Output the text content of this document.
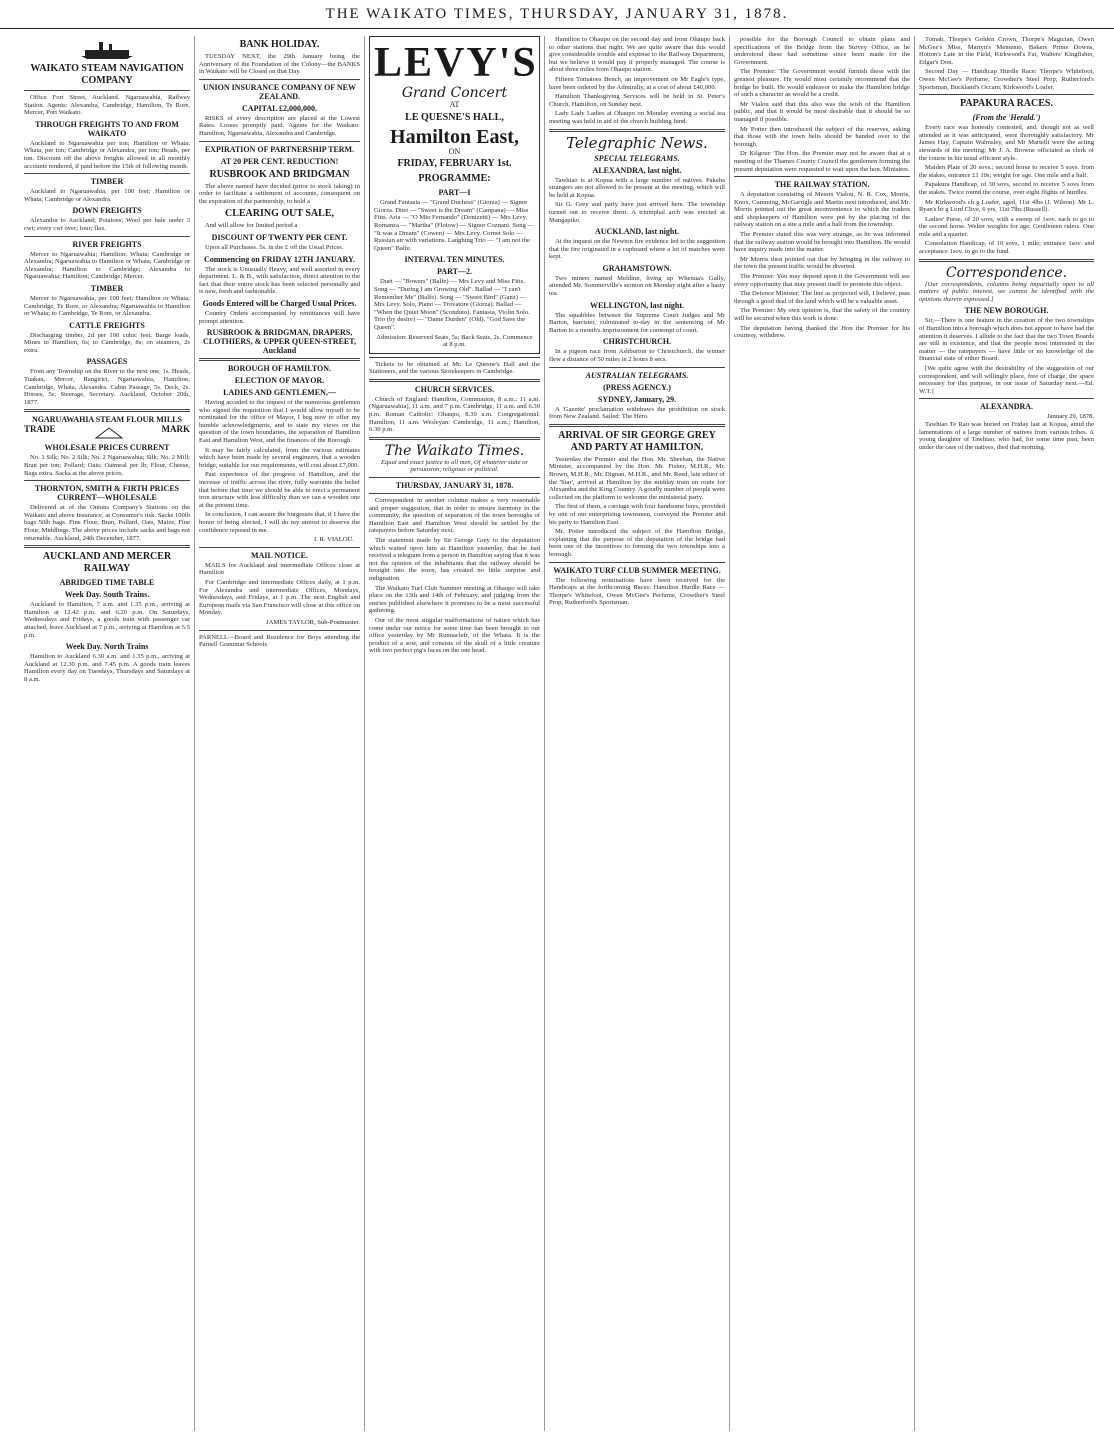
THE WAIKATO TIMES, THURSDAY, JANUARY 31, 1878.
WAIKATO STEAM NAVIGATION COMPANY

Office Fort Street, Auckland. Ngaruawahia, Railway Station. Agents: Alexandra, Cambridge, Hamilton, Te Rore, Mercer, Port Waikato.

THROUGH FREIGHTS TO AND FROM WAIKATO

Auckland to Ngaruawahia per ton; Hamilton or Whata; Whata, per ton; Cambridge or Alexandra, per ton; Heads, per ton. Discount off the above freights allowed in all monthly accounts rendered, if paid before the 15th of following month.

TIMBER

Auckland to Ngaruawahia, per 100 feet; Hamilton or Whata; Cambridge or Alexandra.

DOWN FREIGHTS

Alexandra to Auckland; Potatoes; Wool per bale under 3 cwt; every cwt over; four; flax.

RIVER FREIGHTS

Mercer to Ngaruawahia; Hamilton; Whata; Cambridge or Alexandra; Ngaruawahia to Hamilton or Whata; Cambridge or Alexandra; Hamilton to Cambridge; Alexandra to Ngaruawahia; Hamilton; Cambridge; Mercer.

TIMBER

Mercer to Ngaruawahia, per 100 feet; Hamilton or Whata; Cambridge, Te Rore, or Alexandra; Ngaruawahia to Hamilton or Whata; to Cambridge, Te Rore, or Alexandra.

CATTLE FREIGHTS

Discharging timber, 2d per 100 cubic feet. Barge loads, Mines to Hamilton, 6s; to Cambridge, 8s; on steamers, 2s extra.

PASSAGES

From any Township on the River to the next one, 1s. Heads, Tuakau, Mercer, Rangiriri, Ngaruawahia, Hamilton, Cambridge, Whata, Alexandra. Cabin Passage, 5s. Deck, 2s. Horses, 5s; Steerage, Secretary. Auckland, October 20th, 1877.

NGARUAWAHIA STEAM FLOUR MILLS
TRADE	MARK
WHOLESALE PRICES CURRENT

No. 1 Silk; No. 2 Silk; No. 2 Ngaruawahia; Silk; No. 2 Mill; Bran per ton; Pollard; Oats; Oatmeal per lb; Flour, Cheese, Bags extra. Sacks at the above prices.

THORNTON, SMITH & FIRTH PRICES CURRENT—WHOLESALE

Delivered at of the Onions Company's Stations on the Waikato and above Insurance, at Consumer's risk. Sacks 100lb bags 50lb bags. Fine Flour, Bran, Pollard, Oats, Maize, Fine Flour, Middlings. The above prices include sacks and bags not returnable. Auckland, 24th December, 1877.

AUCKLAND AND MERCER RAILWAY
ABRIDGED TIME TABLE
Week Day. South Trains.

Auckland to Hamilton, 7 a.m. and 1.35 p.m., arriving at Hamilton at 12.42 p.m. and 6.20 p.m. On Saturdays, Wednesdays and Fridays, a goods train with passenger car attached, leave Auckland at 7 p.m., arriving at Hamilton at 5.5 p.m.

Week Day. North Trains

Hamilton to Auckland 6.30 a.m. and 1.35 p.m., arriving at Auckland at 12.30 p.m. and 7.45 p.m. A goods train leaves Hamilton every day on Tuesdays, Thursdays and Saturdays at 8 a.m.

BANK HOLIDAY.

TUESDAY NEXT, the 29th January being the Anniversary of the Foundation of the Colony—the BANKS in Waikato will be Closed on that Day.

UNION INSURANCE COMPANY OF NEW ZEALAND.
CAPITAL £2,000,000.

RISKS of every description are placed at the Lowest Rates. Losses promptly paid. Agents for the Waikato: Hamilton, Ngaruawahia, Alexandra and Cambridge.

EXPIRATION OF PARTNERSHIP TERM.
AT 20 PER CENT. REDUCTION!
RUSBROOK AND BRIDGMAN

The above named have decided (prior to stock taking) in order to facilitate a settlement of accounts, consequent on the expiration of the partnership, to hold a

CLEARING OUT SALE,

And will allow for limited period a

DISCOUNT OF TWENTY PER CENT.

Upon all Purchases. 5s. in the £ off the Usual Prices.

Commencing on FRIDAY 12TH JANUARY.

The stock is Unusually Heavy, and well assorted in every department. L. & B., with satisfaction, direct attention to the fact that their entire stock has been selected personally and is new, fresh and fashionable.

Goods Entered will be Charged Usual Prices.

Country Orders accompanied by remittances will have prompt attention.

RUSBROOK & BRIDGMAN, DRAPERS, CLOTHIERS, & UPPER QUEEN-STREET, Auckland
BOROUGH OF HAMILTON.
ELECTION OF MAYOR.
LADIES AND GENTLEMEN,—

Having acceded to the request of the numerous gentlemen who signed the requisition that I would allow myself to be nominated for the office of Mayor, I beg now to offer my humble acknowledgments, and to state my views on the question of the town boundaries, the separation of Hamilton East and Hamilton West, and the finances of the Borough.

It may be fairly calculated, from the various estimates which have been made by several engineers, that a wooden bridge, suitable for our requirements, will cost about £7,000.

Past experience of the progress of Hamilton, and the increase of traffic across the river, fully warrants the belief that before that time we should be able to erect a permanent iron structure with less difficulty than we can a wooden one at the present time.

In conclusion, I can assure the burgesses that, if I have the honor of being elected, I will do my utmost to deserve the confidence reposed in me.

I. R. VIALOU.
MAIL NOTICE.

MAILS for Auckland and intermediate Offices close at Hamilton

For Cambridge and intermediate Offices daily, at 1 p.m. For Alexandra and intermediate Offices, Mondays, Wednesdays, and Fridays, at 1 p.m. The next English and European mails via San Francisco will close at this office on Monday.

JAMES TAYLOR, Sub-Postmaster.
PARNELL—Board and Residence for Boys attending the Parnell Grammar Schools
LEVY'S
Grand Concert
AT
LE QUESNE'S HALL,
Hamilton East,
ON
FRIDAY, FEBRUARY 1st.
PROGRAMME:
PART—I

Grand Fantasia — "Grand Duchess" (Giorza) — Signor Giorza. Duet — "Sweet is the Dream" (Campana) — Miss Fitts. Aria — "O Mio Fernando" (Donizetti) — Mrs Levy. Romanza — "Martha" (Flotow) — Signor Coznani. Song — "It was a Dream" (Cowen) — Mrs Levy. Cornet Solo — Russian air with variations. Laughing Trio — "I am not the Queen" Balfe.

INTERVAL TEN MINUTES.
PART—2.

Duet — "Bowers" (Balfe) — Mrs Levy and Miss Fitts. Song — "During I am Growing Old". Ballad — "I can't Remember Me" (Balfe). Song — "Sweet Bird" (Ganz) — Mrs Levy. Solo, Piano — Trovatore (Giorza). Ballad — "When the Quiet Moon" (Sconduto). Fantasia, Violin Solo. Trio (by desire) — "Dame Durden" (Old). "God Save the Queen".

Admission: Reserved Seats, 5s; Back Seats, 2s. Commence at 8 p.m.

Tickets to be obtained at Mr. Le Quesne's Hall and the Stationers, and the various Storekeepers in Cambridge.

CHURCH SERVICES.

Church of England: Hamilton, Communion, 8 a.m.; 11 a.m. (Ngaruawahia), 11 a.m. and 7 p.m. Cambridge, 11 a.m. and 6.30 p.m. Roman Catholic: Ohaupo, 8.30 a.m. Congregational: Hamilton, 11 a.m. Wesleyan: Cambridge, 11 a.m.; Hamilton, 6.30 p.m.

The Waikato Times.
Equal and exact justice to all men, Of whatever state or persuasion, religious or political.
THURSDAY, JANUARY 31, 1878.

Correspondent in another column makes a very reasonable and proper suggestion, that in order to ensure harmony in the community, the question of separation of the town boroughs of Hamilton East and Hamilton West should be settled by the ratepayers before Saturday next.

The statement made by Sir George Grey to the deputation which waited upon him at Hamilton yesterday, that he had received a telegram from a person in Hamilton saying that it was not the opinion of the inhabitants that the railway should be brought into the town, has created no little surprise and indignation.

The Waikato Turf Club Summer meeting at Ohaupo will take place on the 13th and 14th of February, and judging from the entries published elsewhere it promises to be a most successful gathering.

Our of the most singular malformations of nature which has come under our notice for some time has been brought to our office yesterday by Mr Runnaclefr, of the Whaia. It is the product of a sow, and consists of the skull of a little creature with two perfect pig's faces on the one head.

Hamilton to Ohaupo on the second day and from Ohaupo back to other stations that night. We are quite aware that this would give considerable trouble and expense to the Railway Department, but we believe it would pay if properly managed. The course is about three miles from Ohaupo station.

Fifteen Tomatoes Bench, an improvement on Mr Eagle's type, have been ordered by the Admiralty, at a cost of about £40,000.

Hamilton Thanksgiving Services will be held in St. Peter's Church, Hamilton, on Sunday next.

Lady Lady Ladies at Ohaupo on Monday evening a social tea meeting was held in aid of the church building fund.

Telegraphic News.
SPECIAL TELEGRAMS.
ALEXANDRA, last night.

Tawhiao is at Kopua with a large number of natives. Pakeha strangers are not allowed to be present at the meeting, which will be held at Kopua.

Sir G. Grey and party have just arrived here. The township turned out to receive them. A triumphal arch was erected at Mangapiko.

AUCKLAND, last night.

At the inquest on the Newton fire evidence led to the suggestion that the fire originated in a cupboard where a lot of matches were kept.

GRAHAMSTOWN.

Two miners named Meldinn, living up Whenua's Gully, attended Mr. Sommerville's sermon on Monday night after a hasty tea.

WELLINGTON, last night.

The squabbles between the Supreme Court Judges and Mr Barton, barrister, culminated to-day in the sentencing of Mr Barton to a month's imprisonment for contempt of court.

CHRISTCHURCH.

In a pigeon race from Ashburton to Christchurch, the winner flew a distance of 50 miles in 2 hours 8 secs.

AUSTRALIAN TELEGRAMS.
(PRESS AGENCY.)
SYDNEY, January, 29.

A 'Gazette' proclamation withdraws the prohibition on stock from New Zealand. Sailed: The Hero.

ARRIVAL OF SIR GEORGE GREY AND PARTY AT HAMILTON.

Yesterday the Premier and the Hon. Mr. Sheehan, the Native Minister, accompanied by the Hon. Mr. Fisher, M.H.R., Mr. Brown, M.H.R., Mr. Dignan, M.H.R., and Mr. Reed, late editor of the 'Star', arrived at Hamilton by the midday train en route for Alexandra and the King Country. A goodly number of people were collected on the platform to welcome the ministerial party.

The first of them, a carriage with four handsome bays, provided by one of our enterprising townsmen, conveyed the Premier and his party to Hamilton East.

Mr. Potter introduced the subject of the Hamilton Bridge, explaining that the purpose of the deputation of the bridge had been one of the incentives to forming the two townships into a borough.

WAIKATO TURF CLUB SUMMER MEETING.

The following nominations have been received for the Handicaps at the forthcoming Races: Hamilton Hurdle Race — Thorpe's Whitefoot, Owen McGee's Perfume, Crowther's Steel Prop, Rutherford's Sportsman.

possible for the Borough Council to obtain plans and specifications of the Bridge from the Survey Office, as he understood these had sometime since been made for the Government.

The Premier: The Government would furnish these with the greatest pleasure. He would most certainly recommend that the bridge be built. He would endeavor to make the Hamilton bridge of such a character as would be a credit.

Mr Vialou said that this also was the wish of the Hamilton public, and that it would be most desirable that it should be so managed if possible.

Mr Potter then introduced the subject of the reserves, asking that those with the town belts should be handed over to the borough.

Dr Kilgour: The Hon. the Premier may not be aware that at a meeting of the Thames County Council the gentlemen forming the present deputation were requested to wait upon the hon. Ministers.

THE RAILWAY STATION.

A deputation consisting of Messrs Vialou, N. R. Cox, Morris, Knox, Cumming, McGarrigle and Martin next introduced, and Mr. Morris pointed out the great inconvenience to which the traders and shopkeepers of Hamilton were put by the placing of the railway station on a site a mile and a half from the township.

The Premier stated this was very strange, as he was informed that the railway station would be brought into Hamilton. He would have inquiry made into the matter.

Mr Morris then pointed out that by bringing in the railway to the town the present traffic would be diverted.

The Premier: You may depend upon it the Government will see every opportunity that may present itself to promote this object.

The Defence Minister: The line as projected will, I believe, pass through a good deal of the land which will be a valuable asset.

The Premier: My own opinion is, that the safety of the country will be secured when this work is done.

The deputation having thanked the Hon the Premier for his courtesy, withdrew.

Tomah, Thorpe's Golden Crown, Thorpe's Magician, Owen McGee's Miss, Martyn's Memento, Bakers Prims Downs, Hotton's Late in the Field, Kirkwood's Fat, Walters' Kingfisher, Edgar's Don.

Second Day — Handicap Hurdle Race: Thorpe's Whitefoot, Owen McGee's Perfume, Crowther's Steel Prop, Rutherford's Sportsman, Buckland's Occam, Kirkwood's Loafer.

PAPAKURA RACES.
(From the 'Herald.')

Every race was honestly contested, and, though not as well attended as it was anticipated, were thoroughly satisfactory. Mr James Hay, Captain Walmsley, and Mr Martelli were the acting stewards of the meeting; Mr J. A. Browne officiated as clerk of the course in his usual efficient style.

Maiden Plate of 20 sovs.; second horse to receive 5 sovs. from the stakes, entrance £1 10s; weight for age. One mile and a half.

Papakura Handicap, of 30 sovs, second to receive 5 sovs from the stakes. Twice round the course, over eight flights of hurdles.

Mr Kirkwood's ch g Loafer, aged, 11st 4lbs (J. Wilson). Mr L. Ryan's br g Lord Clive, 6 yrs, 11st 7lbs (Russell).

Ladies' Purse, of 20 sovs, with a sweep of 1sov. each to go to the second horse. Welter weights for age. Gentlemen riders. One mile and a quarter.

Consolation Handicap, of 10 sovs, 1 mile; entrance 1sov. and acceptance 1sov. to go to the fund.

Correspondence.

[Our correspondents, columns being impartially open to all matters of public interest, we cannot be identified with the opinions therein expressed.]

THE NEW BOROUGH.

Sir,—There is one feature in the creation of the two townships of Hamilton into a borough which does not appear to have had the attention it deserves. I allude to the fact that the two Town Boards are still in existence, and that the people most interested in the matter — the ratepayers — have little or no knowledge of the financial state of either Board.

[We quite agree with the desirability of the suggestion of our correspondent, and will willingly place, free of charge, the space necessary for this purpose, in our issue of Saturday next.—Ed. W.T.]

ALEXANDRA.
January 29, 1878.

Tawhiao Te Rau was buried on Friday last at Kopua, amid the lamentations of a large number of natives from various tribes. A young daughter of Tawhiao, who had, for some time past, been under the care of the natives, died that morning.
